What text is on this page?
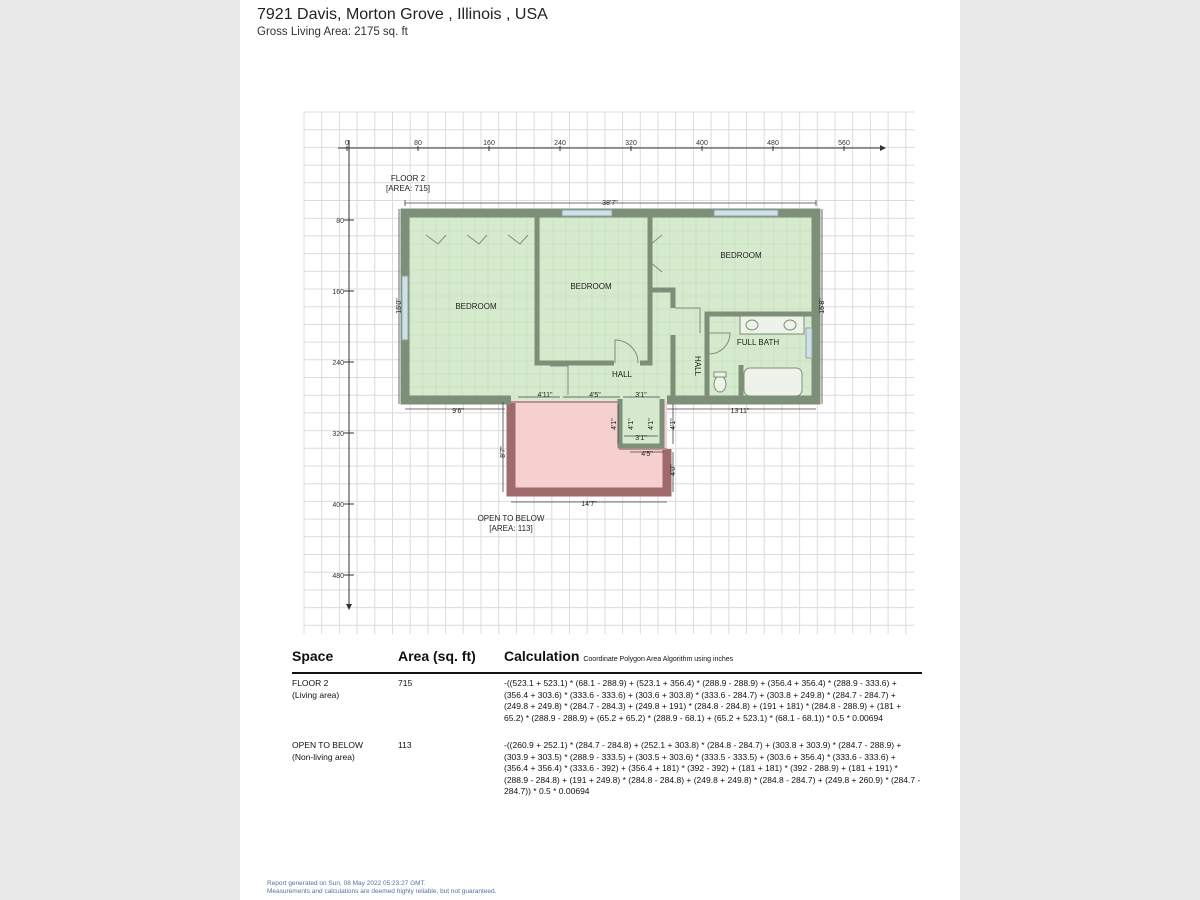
7921 Davis, Morton Grove , Illinois , USA
Gross Living Area: 2175 sq. ft
0	80	160	240	320	400	480	560
80
160
240
320
400
480
FLOOR 2
[AREA: 715]
BEDROOM
BEDROOM
BEDROOM
FULL BATH
HALL	HALL
38'7"
15'0"	15'8"
9'6"	13'11"
4'11"	4'5"	3'1"
8'7"
14'7"
4'5"
4'1"
3'1"
4'1" 4'1" 4'1"
4'0"
OPEN TO BELOW
[AREA: 113]
Space	Area (sq. ft) Calculation Coordinate Polygon Area Algorithm using inches
FLOOR 2
(Living area)
715	-((523.1 + 523.1) * (68.1 - 288.9) + (523.1 + 356.4) * (288.9 - 288.9) + (356.4 + 356.4) * (288.9 - 333.6) + (356.4 + 303.6) * (333.6 - 333.6) + (303.6 + 303.8) * (333.6 - 284.7) + (303.8 + 249.8) * (284.7 - 284.7) + (249.8 + 249.8) * (284.7 - 284.3) + (249.8 + 191) * (284.8 - 284.8) + (191 + 181) * (284.8 - 288.9) + (181 + 65.2) * (288.9 - 288.9) + (65.2 + 65.2) * (288.9 - 68.1) + (65.2 + 523.1) * (68.1 - 68.1)) * 0.5 * 0.00694
OPEN TO BELOW
(Non-living area)
113	-((260.9 + 252.1) * (284.7 - 284.8) + (252.1 + 303.8) * (284.8 - 284.7) + (303.8 + 303.9) * (284.7 - 288.9) + (303.9 + 303.5) * (288.9 - 333.5) + (303.5 + 303.6) * (333.5 - 333.5) + (303.6 + 356.4) * (333.6 - 333.6) + (356.4 + 356.4) * (333.6 - 392) + (356.4 + 181) * (392 - 392) + (181 + 181) * (392 - 288.9) + (181 + 191) * (288.9 - 284.8) + (191 + 249.8) * (284.8 - 284.8) + (249.8 + 249.8) * (284.8 - 284.7) + (249.8 + 260.9) * (284.7 - 284.7)) * 0.5 * 0.00694
Report generated on Sun, 08 May 2022 05:23:27 GMT.
Measurements and calculations are deemed highly reliable, but not guaranteed.
